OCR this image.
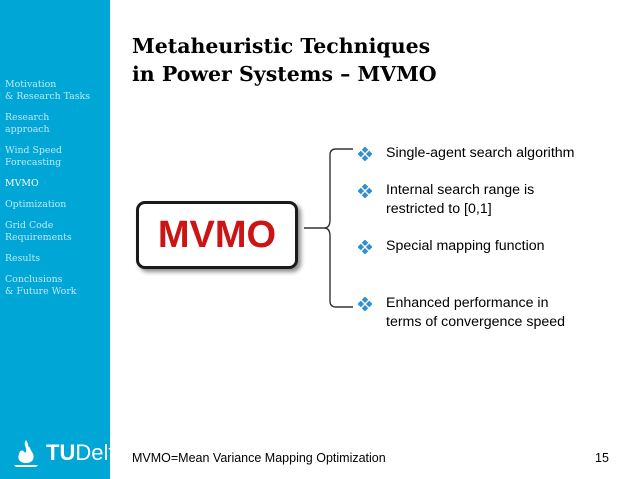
Motivation
& Research Tasks
Research
approach
Wind Speed
Forecasting
MVMO
Optimization
Grid Code
Requirements
Results
Conclusions
& Future Work
TUDelft
Metaheuristic Techniques
in Power Systems – MVMO
MVMO
Single-agent search algorithm
Internal search range is
restricted to [0,1]
Special mapping function
Enhanced performance in
terms of convergence speed
MVMO=Mean Variance Mapping Optimization	15
